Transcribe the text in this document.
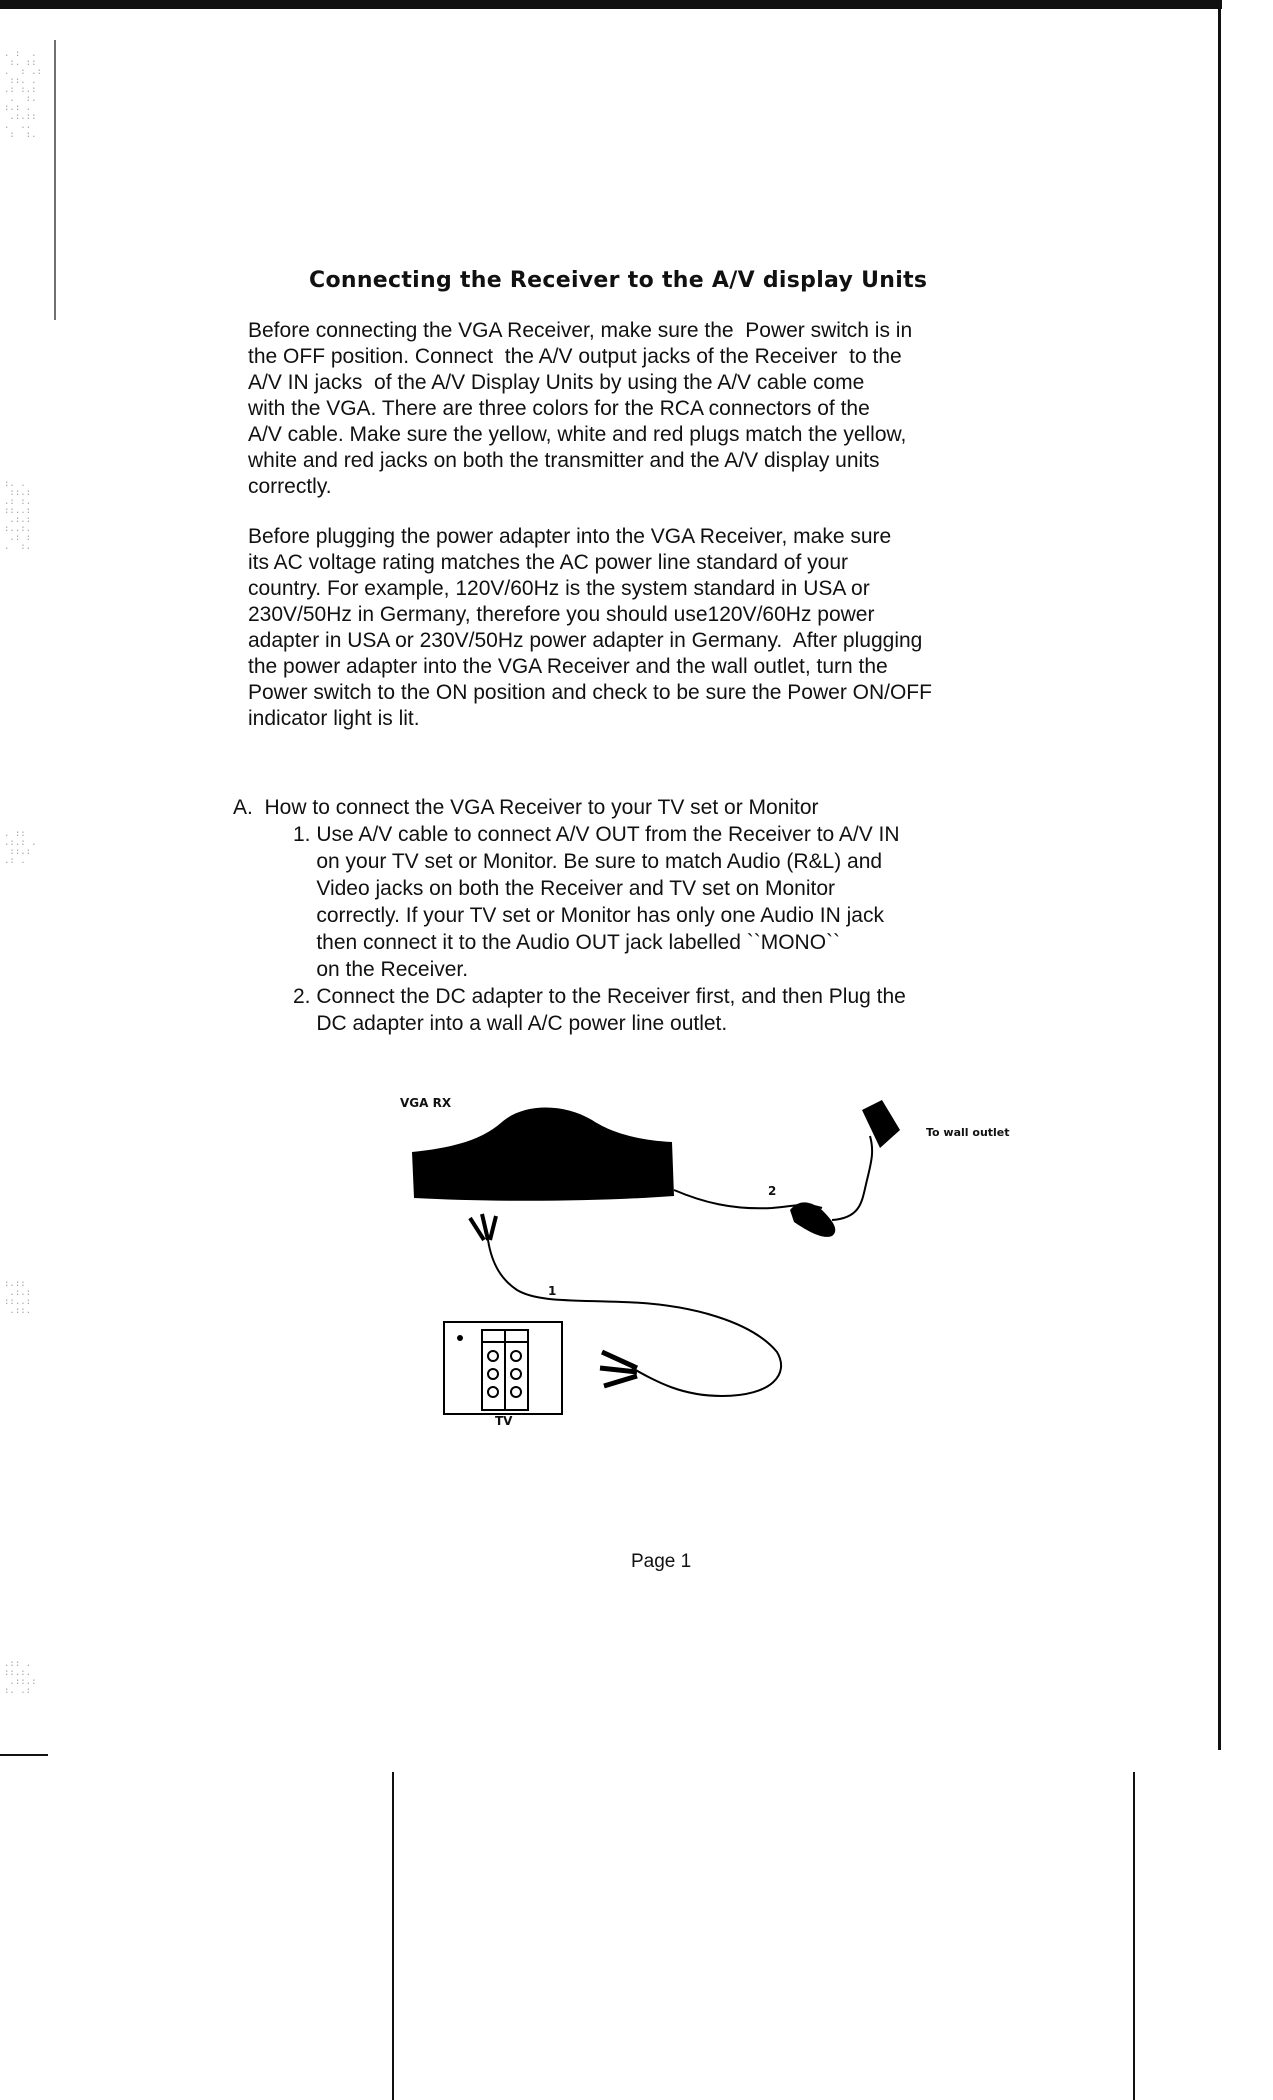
. :  .
:. ::
.  : .:
::. .
.: :.:
.  :.
:.: .
.:.::
.  ..
:  :.
:. .
::.:
.: :.
::..:
.:.:
:..:.
.: :
.  :.
. ::
.:.: .
::.:
.: .
:.::
.:.:
::..:
.::.
.:: .
::.:.
.::.:
:. .:
Connecting the Receiver to the A/V display Units

Before connecting the VGA Receiver, make sure the  Power switch is in
the OFF position. Connect  the A/V output jacks of the Receiver  to the
A/V IN jacks  of the A/V Display Units by using the A/V cable come
with the VGA. There are three colors for the RCA connectors of the
A/V cable. Make sure the yellow, white and red plugs match the yellow,
white and red jacks on both the transmitter and the A/V display units
correctly.

Before plugging the power adapter into the VGA Receiver, make sure
its AC voltage rating matches the AC power line standard of your
country. For example, 120V/60Hz is the system standard in USA or
230V/50Hz in Germany, therefore you should use120V/60Hz power
adapter in USA or 230V/50Hz power adapter in Germany.  After plugging
the power adapter into the VGA Receiver and the wall outlet, turn the
Power switch to the ON position and check to be sure the Power ON/OFF
indicator light is lit.

A.  How to connect the VGA Receiver to your TV set or Monitor
1. Use A/V cable to connect A/V OUT from the Receiver to A/V IN
on your TV set or Monitor. Be sure to match Audio (R&L) and
Video jacks on both the Receiver and TV set on Monitor
correctly. If your TV set or Monitor has only one Audio IN jack
then connect it to the Audio OUT jack labelled ``MONO``
on the Receiver.
2. Connect the DC adapter to the Receiver first, and then Plug the
DC adapter into a wall A/C power line outlet.
VGA RX
To wall outlet
2
1
TV
Page 1
